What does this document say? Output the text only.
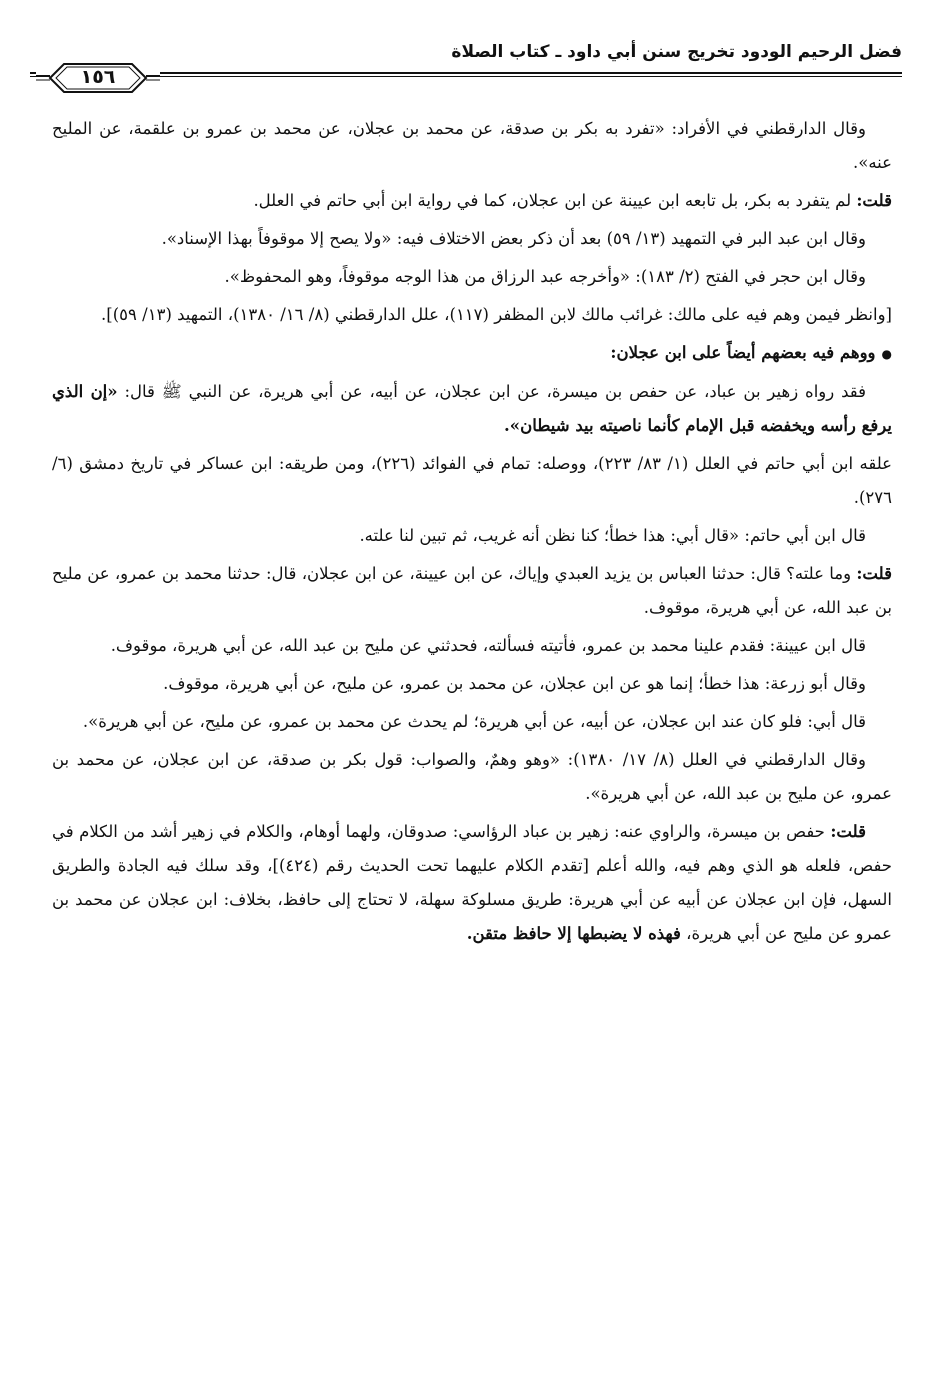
فضل الرحيم الودود تخريج سنن أبي داود ـ كتاب الصلاة
١٥٦

وقال الدارقطني في الأفراد: «تفرد به بكر بن صدقة، عن محمد بن عجلان، عن محمد بن عمرو بن علقمة، عن المليح عنه».

قلت: لم يتفرد به بكر، بل تابعه ابن عيينة عن ابن عجلان، كما في رواية ابن أبي حاتم في العلل.

وقال ابن عبد البر في التمهيد (١٣/ ٥٩) بعد أن ذكر بعض الاختلاف فيه: «ولا يصح إلا موقوفاً بهذا الإسناد».

وقال ابن حجر في الفتح (٢/ ١٨٣): «وأخرجه عبد الرزاق من هذا الوجه موقوفاً، وهو المحفوظ».

[وانظر فيمن وهم فيه على مالك: غرائب مالك لابن المظفر (١١٧)، علل الدارقطني (٨/ ١٦/ ١٣٨٠)، التمهيد (١٣/ ٥٩)].

●ووهم فيه بعضهم أيضاً على ابن عجلان:

فقد رواه زهير بن عباد، عن حفص بن ميسرة، عن ابن عجلان، عن أبيه، عن أبي هريرة، عن النبي ﷺ قال: «إن الذي يرفع رأسه ويخفضه قبل الإمام كأنما ناصيته بيد شيطان».

علقه ابن أبي حاتم في العلل (١/ ٨٣/ ٢٢٣)، ووصله: تمام في الفوائد (٢٢٦)، ومن طريقه: ابن عساكر في تاريخ دمشق (٦/ ٢٧٦).

قال ابن أبي حاتم: «قال أبي: هذا خطأ؛ كنا نظن أنه غريب، ثم تبين لنا علته.

قلت: وما علته؟ قال: حدثنا العباس بن يزيد العبدي وإياك، عن ابن عيينة، عن ابن عجلان، قال: حدثنا محمد بن عمرو، عن مليح بن عبد الله، عن أبي هريرة، موقوف.

قال ابن عيينة: فقدم علينا محمد بن عمرو، فأتيته فسألته، فحدثني عن مليح بن عبد الله، عن أبي هريرة، موقوف.

وقال أبو زرعة: هذا خطأ؛ إنما هو عن ابن عجلان، عن محمد بن عمرو، عن مليح، عن أبي هريرة، موقوف.

قال أبي: فلو كان عند ابن عجلان، عن أبيه، عن أبي هريرة؛ لم يحدث عن محمد بن عمرو، عن مليح، عن أبي هريرة».

وقال الدارقطني في العلل (٨/ ١٧/ ١٣٨٠): «وهو وهمٌ، والصواب: قول بكر بن صدقة، عن ابن عجلان، عن محمد بن عمرو، عن مليح بن عبد الله، عن أبي هريرة».

قلت: حفص بن ميسرة، والراوي عنه: زهير بن عباد الرؤاسي: صدوقان، ولهما أوهام، والكلام في زهير أشد من الكلام في حفص، فلعله هو الذي وهم فيه، والله أعلم [تقدم الكلام عليهما تحت الحديث رقم (٤٢٤)]، وقد سلك فيه الجادة والطريق السهل، فإن ابن عجلان عن أبيه عن أبي هريرة: طريق مسلوكة سهلة، لا تحتاج إلى حافظ، بخلاف: ابن عجلان عن محمد بن عمرو عن مليح عن أبي هريرة، فهذه لا يضبطها إلا حافظ متقن.
